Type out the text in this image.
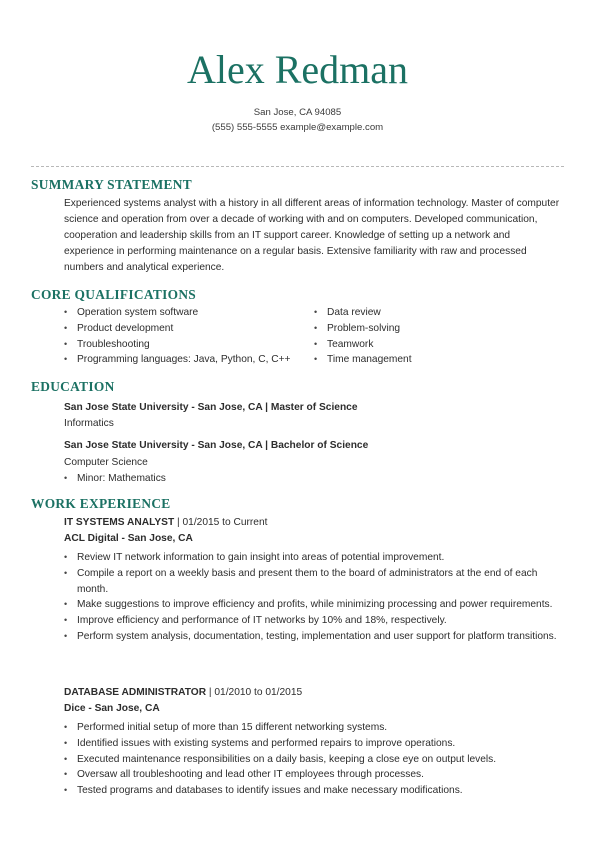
Alex Redman
San Jose, CA 94085
(555) 555-5555 example@example.com
SUMMARY STATEMENT
Experienced systems analyst with a history in all different areas of information technology. Master of computer science and operation from over a decade of working with and on computers. Developed communication, cooperation and leadership skills from an IT support career. Knowledge of setting up a network and experience in performing maintenance on a regular basis. Extensive familiarity with raw and processed numbers and analytical experience.
CORE QUALIFICATIONS
• Operation system software
• Product development
• Troubleshooting
• Programming languages: Java, Python, C, C++
• Data review
• Problem-solving
• Teamwork
• Time management
EDUCATION
San Jose State University - San Jose, CA | Master of Science
Informatics
San Jose State University - San Jose, CA | Bachelor of Science
Computer Science
• Minor: Mathematics
WORK EXPERIENCE
IT SYSTEMS ANALYST | 01/2015 to Current
ACL Digital - San Jose, CA
• Review IT network information to gain insight into areas of potential improvement.
• Compile a report on a weekly basis and present them to the board of administrators at the end of each month.
• Make suggestions to improve efficiency and profits, while minimizing processing and power requirements.
• Improve efficiency and performance of IT networks by 10% and 18%, respectively.
• Perform system analysis, documentation, testing, implementation and user support for platform transitions.
DATABASE ADMINISTRATOR | 01/2010 to 01/2015
Dice - San Jose, CA
• Performed initial setup of more than 15 different networking systems.
• Identified issues with existing systems and performed repairs to improve operations.
• Executed maintenance responsibilities on a daily basis, keeping a close eye on output levels.
• Oversaw all troubleshooting and lead other IT employees through processes.
• Tested programs and databases to identify issues and make necessary modifications.
